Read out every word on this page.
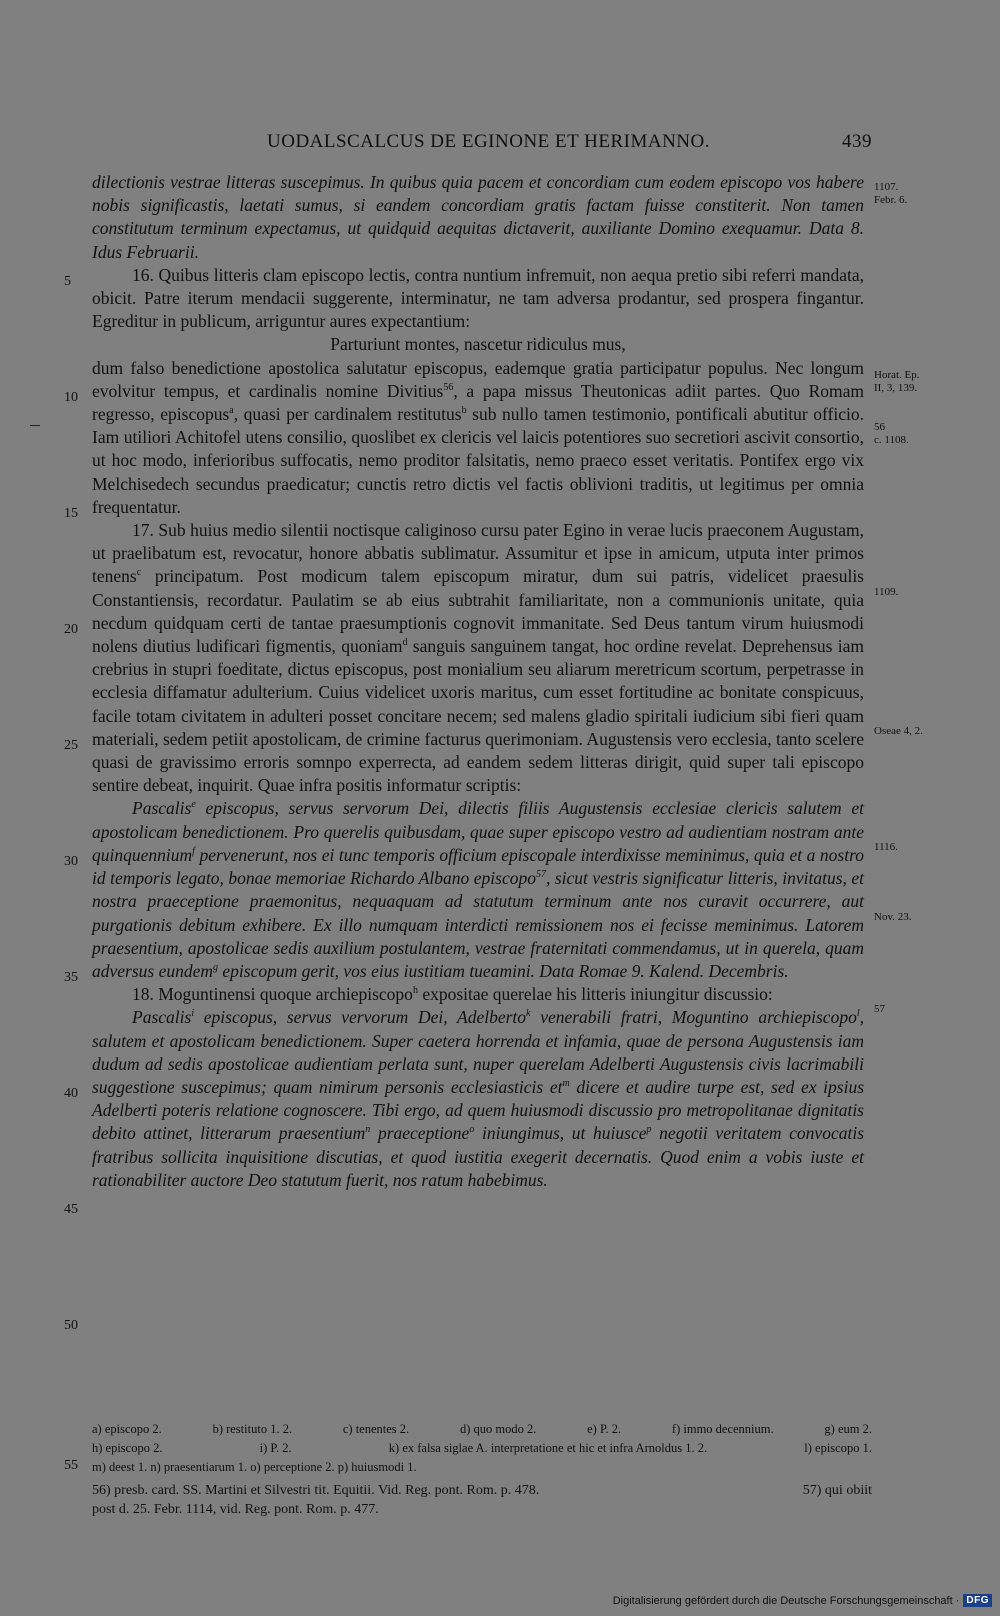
UODALSCALCUS DE EGINONE ET HERIMANNO.	439

dilectionis vestrae litteras suscepimus. In quibus quia pacem et concordiam cum eodem episcopo vos habere nobis significastis, laetati sumus, si eandem concordiam gratis factam fuisse constiterit. Non tamen constitutum terminum expectamus, ut quidquid aequitas dictaverit, auxiliante Domino exequamur. Data 8. Idus Februarii.

16. Quibus litteris clam episcopo lectis, contra nuntium infremuit, non aequa pretio sibi referri mandata, obicit. Patre iterum mendacii suggerente, interminatur, ne tam adversa prodantur, sed prospera fingantur. Egreditur in publicum, arriguntur aures expectantium:

Parturiunt montes, nascetur ridiculus mus,

dum falso benedictione apostolica salutatur episcopus, eademque gratia participatur populus. Nec longum evolvitur tempus, et cardinalis nomine Divitius$^{56}$, a papa missus Theutonicas adiit partes. Quo Romam regresso, episcopus$^a$, quasi per cardinalem restitutus$^b$ sub nullo tamen testimonio, pontificali abutitur officio. Iam utiliori Achitofel utens consilio, quoslibet ex clericis vel laicis potentiores suo secretiori ascivit consortio, ut hoc modo, inferioribus suffocatis, nemo proditor falsitatis, nemo praeco esset veritatis. Pontifex ergo vix Melchisedech secundus praedicatur; cunctis retro dictis vel factis oblivioni traditis, ut legitimus per omnia frequentatur.

17. Sub huius medio silentii noctisque caliginoso cursu pater Egino in verae lucis praeconem Augustam, ut praelibatum est, revocatur, honore abbatis sublimatur. Assumitur et ipse in amicum, utputa inter primos tenens$^c$ principatum. Post modicum talem episcopum miratur, dum sui patris, videlicet praesulis Constantiensis, recordatur. Paulatim se ab eius subtrahit familiaritate, non a communionis unitate, quia necdum quidquam certi de tantae praesumptionis cognovit immanitate. Sed Deus tantum virum huiusmodi nolens diutius ludificari figmentis, quoniam$^d$ sanguis sanguinem tangat, hoc ordine revelat. Deprehensus iam crebrius in stupri foeditate, dictus episcopus, post monialium seu aliarum meretricum scortum, perpetrasse in ecclesia diffamatur adulterium. Cuius videlicet uxoris maritus, cum esset fortitudine ac bonitate conspicuus, facile totam civitatem in adulteri posset concitare necem; sed malens gladio spiritali iudicium sibi fieri quam materiali, sedem petiit apostolicam, de crimine facturus querimoniam. Augustensis vero ecclesia, tanto scelere quasi de gravissimo erroris somnpo experrecta, ad eandem sedem litteras dirigit, quid super tali episcopo sentire debeat, inquirit. Quae infra positis informatur scriptis:

Pascalis$^e$ episcopus, servus servorum Dei, dilectis filiis Augustensis ecclesiae clericis salutem et apostolicam benedictionem. Pro querelis quibusdam, quae super episcopo vestro ad audientiam nostram ante quinquennium$^f$ pervenerunt, nos ei tunc temporis officium episcopale interdixisse meminimus, quia et a nostro id temporis legato, bonae memoriae Richardo Albano episcopo$^{57}$, sicut vestris significatur litteris, invitatus, et nostra praeceptione praemonitus, nequaquam ad statutum terminum ante nos curavit occurrere, aut purgationis debitum exhibere. Ex illo numquam interdicti remissionem nos ei fecisse meminimus. Latorem praesentium, apostolicae sedis auxilium postulantem, vestrae fraternitati commendamus, ut in querela, quam adversus eundem$^g$ episcopum gerit, vos eius iustitiam tueamini. Data Romae 9. Kalend. Decembris.

18. Moguntinensi quoque archiepiscopo$^h$ expositae querelae his litteris iniungitur discussio:

Pascalis$^i$ episcopus, servus vervorum Dei, Adelberto$^k$ venerabili fratri, Moguntino archiepiscopo$^l$, salutem et apostolicam benedictionem. Super caetera horrenda et infamia, quae de persona Augustensis iam dudum ad sedis apostolicae audientiam perlata sunt, nuper querelam Adelberti Augustensis civis lacrimabili suggestione suscepimus; quam nimirum personis ecclesiasticis $et^m$ dicere et audire turpe est, sed ex ipsius Adelberti poteris relatione cognoscere. Tibi ergo, ad quem huiusmodi discussio pro metropolitanae dignitatis debito attinet, litterarum praesentium$^n$ praeceptione$^o$ iniungimus, ut huiusce$^p$ negotii veritatem convocatis fratribus sollicita inquisitione discutias, et quod iustitia exegerit decernatis. Quod enim a vobis iuste et rationabiliter auctore Deo statutum fuerit, nos ratum habebimus.

5
10
15
20
25
30
35
40
45
50
55
1107.
Febr. 6.
Horat. Ep.
II, 3, 139.
56
c. 1108.
1109.
Oseae 4, 2.
1116.
Nov. 23.
57
a) episcopo 2.	b) restituto 1. 2.	c) tenentes 2.	d) quo modo 2.	e) P. 2.	f) immo decennium.	g) eum 2.
h) episcopo 2.	i) P. 2.	k) ex falsa siglae A. interpretatione et hic et infra Arnoldus 1. 2.	l) episcopo 1.
m) deest 1. n) praesentiarum 1. o) perceptione 2. p) huiusmodi 1.
56) presb. card. SS. Martini et Silvestri tit. Equitii. Vid. Reg. pont. Rom. p. 478.	57) qui obiit
post d. 25. Febr. 1114, vid. Reg. pont. Rom. p. 477.
Digitalisierung gefördert durch die Deutsche Forschungsgemeinschaft · DFG
